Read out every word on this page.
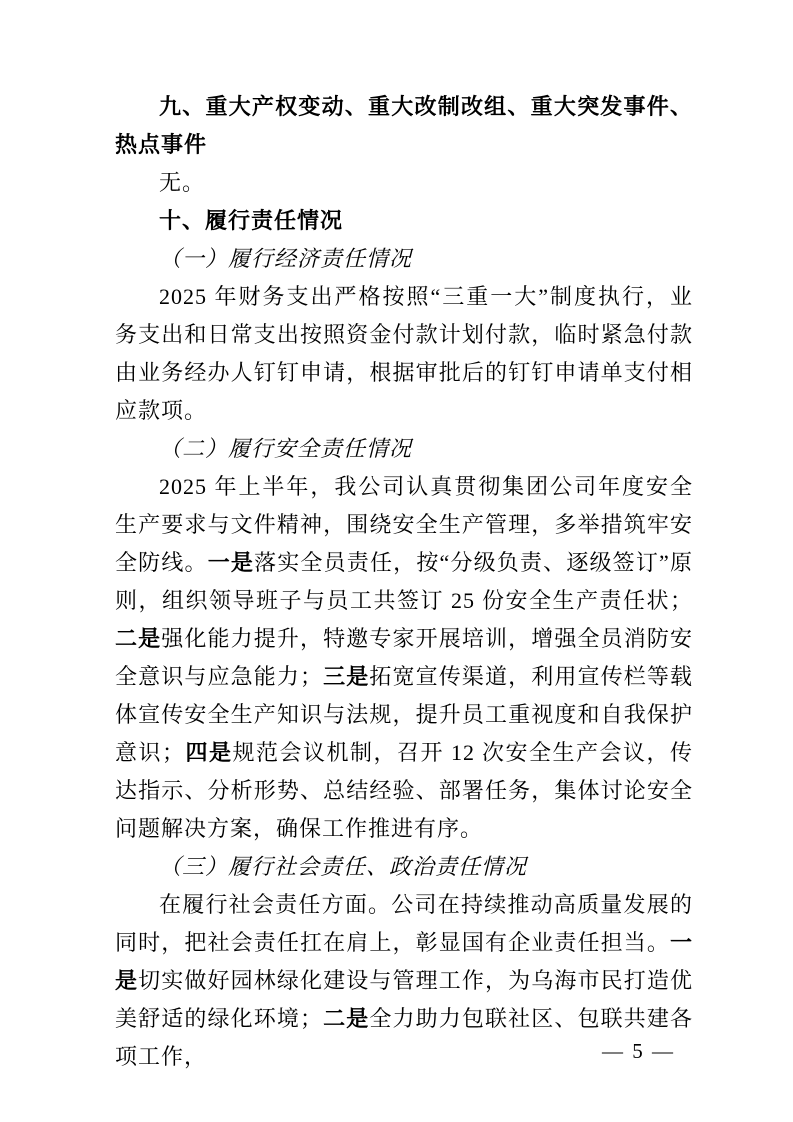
九、重大产权变动、重大改制改组、重大突发事件、热点事件

无。

十、履行责任情况

（一）履行经济责任情况

2025 年财务支出严格按照“三重一大”制度执行，业务支出和日常支出按照资金付款计划付款，临时紧急付款由业务经办人钉钉申请，根据审批后的钉钉申请单支付相应款项。

（二）履行安全责任情况

2025 年上半年，我公司认真贯彻集团公司年度安全生产要求与文件精神，围绕安全生产管理，多举措筑牢安全防线。一是落实全员责任，按“分级负责、逐级签订”原则，组织领导班子与员工共签订 25 份安全生产责任状；二是强化能力提升，特邀专家开展培训，增强全员消防安全意识与应急能力；三是拓宽宣传渠道，利用宣传栏等载体宣传安全生产知识与法规，提升员工重视度和自我保护意识；四是规范会议机制，召开 12 次安全生产会议，传达指示、分析形势、总结经验、部署任务，集体讨论安全问题解决方案，确保工作推进有序。

（三）履行社会责任、政治责任情况

在履行社会责任方面。公司在持续推动高质量发展的同时，把社会责任扛在肩上，彰显国有企业责任担当。一是切实做好园林绿化建设与管理工作，为乌海市民打造优美舒适的绿化环境；二是全力助力包联社区、包联共建各项工作，	— 5 —
